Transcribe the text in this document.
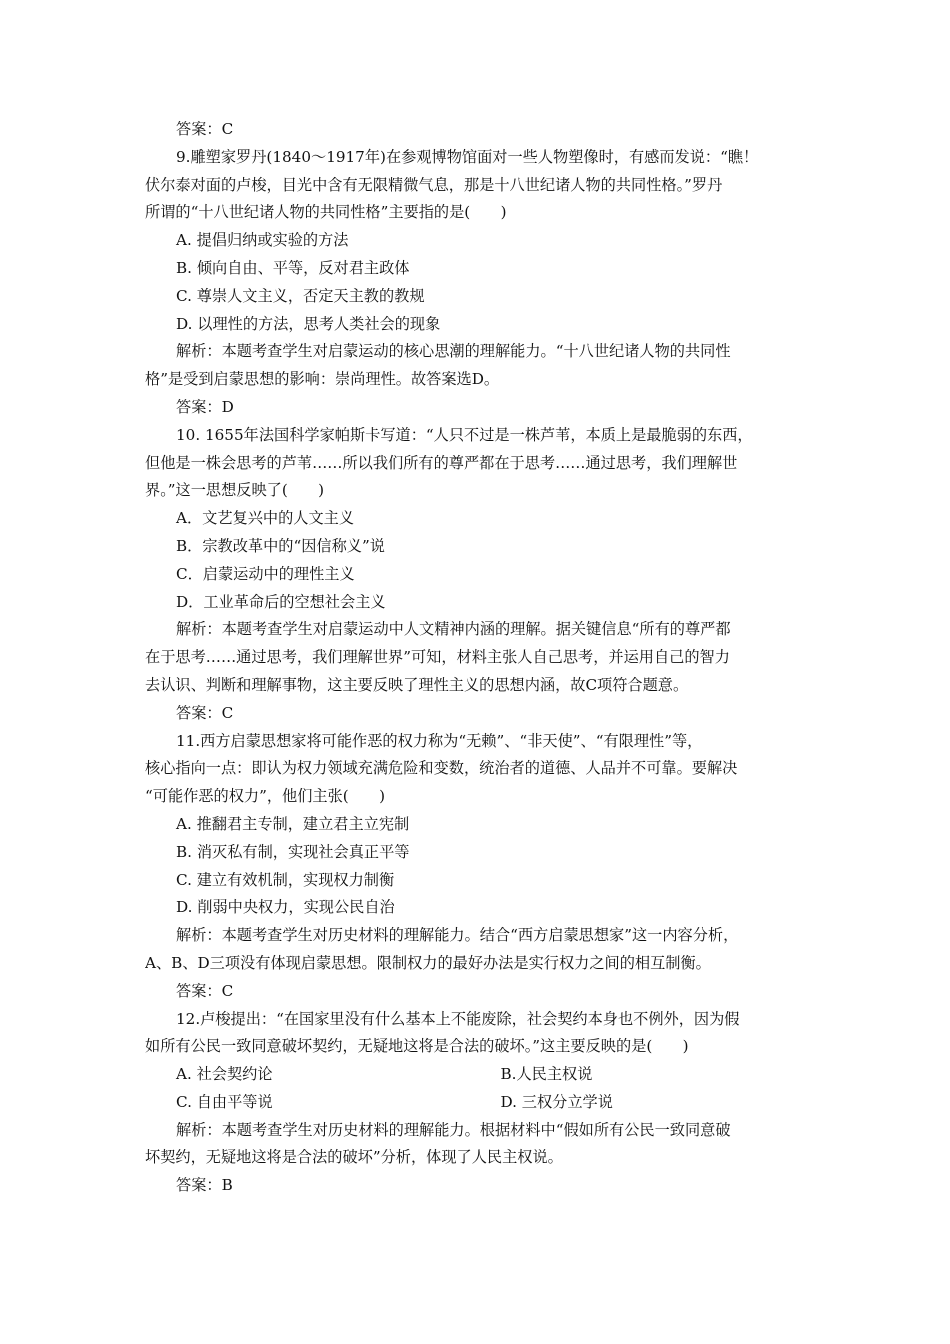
答案：C
9.雕塑家罗丹(1840～1917年)在参观博物馆面对一些人物塑像时，有感而发说：“瞧！
伏尔泰对面的卢梭，目光中含有无限精微气息，那是十八世纪诸人物的共同性格。”罗丹
所谓的“十八世纪诸人物的共同性格”主要指的是(　　)
A. 提倡归纳或实验的方法
B. 倾向自由、平等，反对君主政体
C. 尊崇人文主义，否定天主教的教规
D. 以理性的方法，思考人类社会的现象
解析：本题考查学生对启蒙运动的核心思潮的理解能力。“十八世纪诸人物的共同性
格”是受到启蒙思想的影响：崇尚理性。故答案选D。
答案：D
10. 1655年法国科学家帕斯卡写道：“人只不过是一株芦苇，本质上是最脆弱的东西，
但他是一株会思考的芦苇……所以我们所有的尊严都在于思考……通过思考，我们理解世
界。”这一思想反映了(　　)
A．文艺复兴中的人文主义
B．宗教改革中的“因信称义”说
C．启蒙运动中的理性主义
D．工业革命后的空想社会主义
解析：本题考查学生对启蒙运动中人文精神内涵的理解。据关键信息“所有的尊严都
在于思考……通过思考，我们理解世界”可知，材料主张人自己思考，并运用自己的智力
去认识、判断和理解事物，这主要反映了理性主义的思想内涵，故C项符合题意。
答案：C
11.西方启蒙思想家将可能作恶的权力称为“无赖”、“非天使”、“有限理性”等，
核心指向一点：即认为权力领域充满危险和变数，统治者的道德、人品并不可靠。要解决
“可能作恶的权力”，他们主张(　　)
A. 推翻君主专制，建立君主立宪制
B. 消灭私有制，实现社会真正平等
C. 建立有效机制，实现权力制衡
D. 削弱中央权力，实现公民自治
解析：本题考查学生对历史材料的理解能力。结合“西方启蒙思想家”这一内容分析，
A、B、D三项没有体现启蒙思想。限制权力的最好办法是实行权力之间的相互制衡。
答案：C
12.卢梭提出：“在国家里没有什么基本上不能废除，社会契约本身也不例外，因为假
如所有公民一致同意破坏契约，无疑地这将是合法的破坏。”这主要反映的是(　　)
A. 社会契约论	B.人民主权说
C. 自由平等说	D. 三权分立学说
解析：本题考查学生对历史材料的理解能力。根据材料中“假如所有公民一致同意破
坏契约，无疑地这将是合法的破坏”分析，体现了人民主权说。
答案：B
